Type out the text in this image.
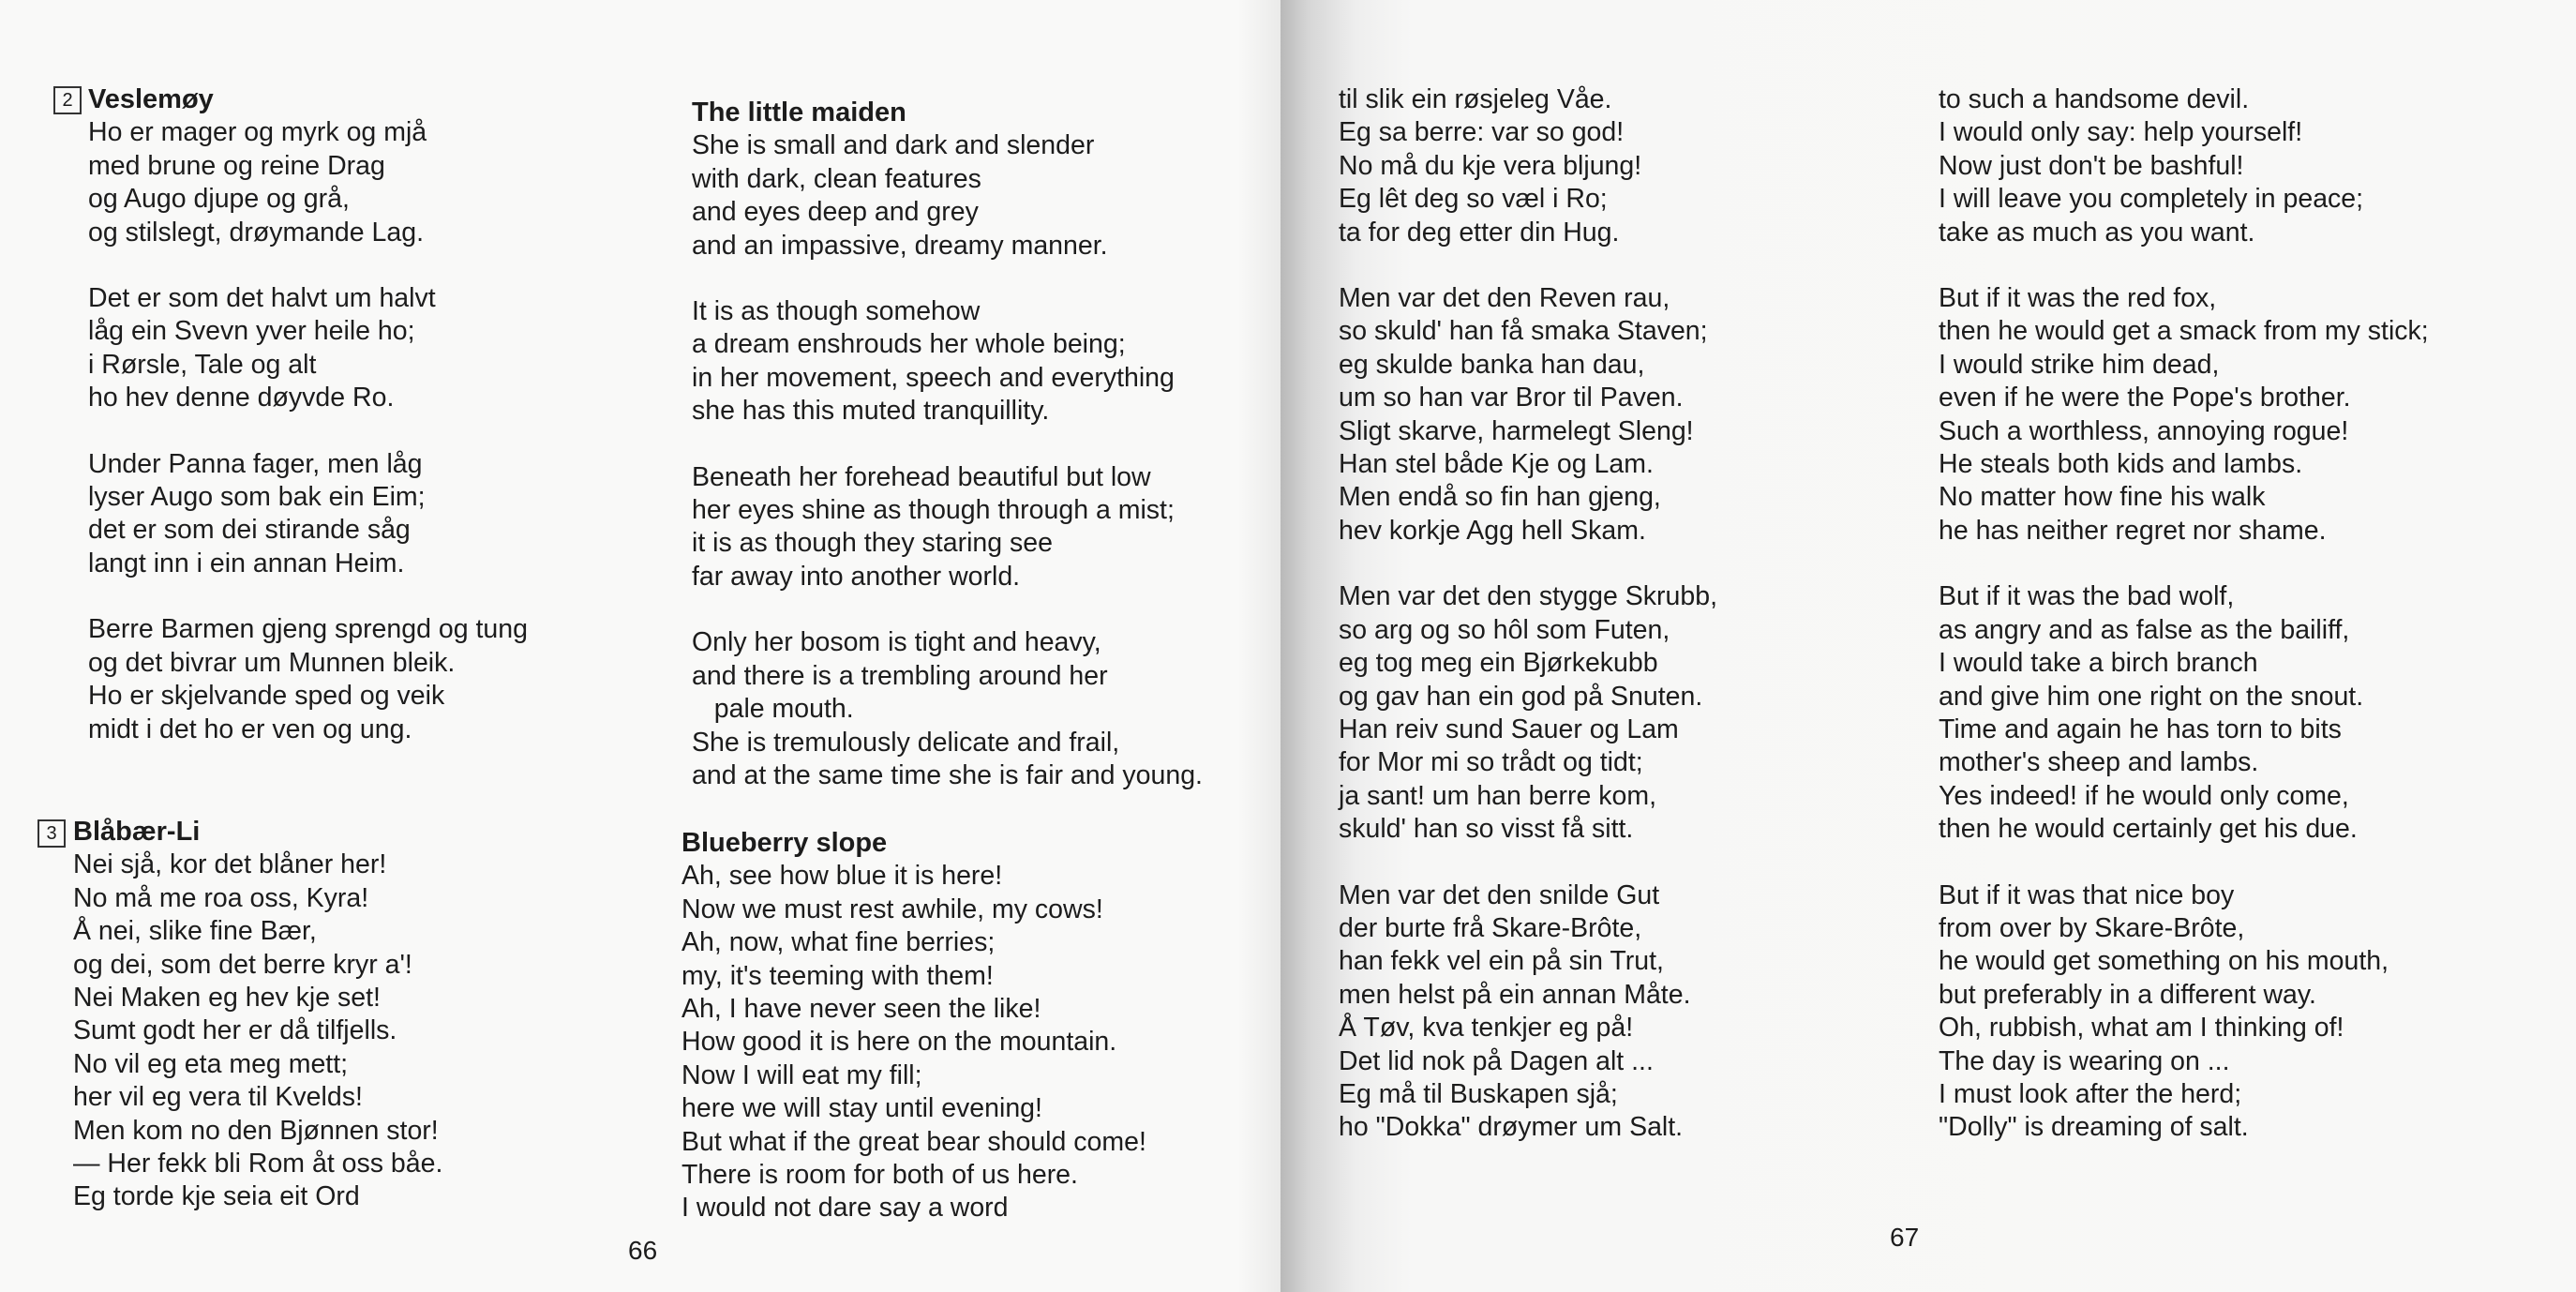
2 Veslemøy

Ho er mager og myrk og mjå

med brune og reine Drag

og Augo djupe og grå,

og stilslegt, drøymande Lag.

Det er som det halvt um halvt

låg ein Svevn yver heile ho;

i Rørsle, Tale og alt

ho hev denne døyvde Ro.

Under Panna fager, men låg

lyser Augo som bak ein Eim;

det er som dei stirande såg

langt inn i ein annan Heim.

Berre Barmen gjeng sprengd og tung

og det bivrar um Munnen bleik.

Ho er skjelvande sped og veik

midt i det ho er ven og ung.

The little maiden

She is small and dark and slender

with dark, clean features

and eyes deep and grey

and an impassive, dreamy manner.

It is as though somehow

a dream enshrouds her whole being;

in her movement, speech and everything

she has this muted tranquillity.

Beneath her forehead beautiful but low

her eyes shine as though through a mist;

it is as though they staring see

far away into another world.

Only her bosom is tight and heavy,

and there is a trembling around her

pale mouth.

She is tremulously delicate and frail,

and at the same time she is fair and young.

3 Blåbær-Li

Nei sjå, kor det blåner her!

No må me roa oss, Kyra!

Å nei, slike fine Bær,

og dei, som det berre kryr a'!

Nei Maken eg hev kje set!

Sumt godt her er då tilfjells.

No vil eg eta meg mett;

her vil eg vera til Kvelds!

Men kom no den Bjønnen stor!

— Her fekk bli Rom åt oss båe.

Eg torde kje seia eit Ord

Blueberry slope

Ah, see how blue it is here!

Now we must rest awhile, my cows!

Ah, now, what fine berries;

my, it's teeming with them!

Ah, I have never seen the like!

How good it is here on the mountain.

Now I will eat my fill;

here we will stay until evening!

But what if the great bear should come!

There is room for both of us here.

I would not dare say a word

66

til slik ein røsjeleg Våe.

Eg sa berre: var so god!

No må du kje vera bljung!

Eg lêt deg so væl i Ro;

ta for deg etter din Hug.

Men var det den Reven rau,

so skuld' han få smaka Staven;

eg skulde banka han dau,

um so han var Bror til Paven.

Sligt skarve, harmelegt Sleng!

Han stel både Kje og Lam.

Men endå so fin han gjeng,

hev korkje Agg hell Skam.

Men var det den stygge Skrubb,

so arg og so hôl som Futen,

eg tog meg ein Bjørkekubb

og gav han ein god på Snuten.

Han reiv sund Sauer og Lam

for Mor mi so trådt og tidt;

ja sant! um han berre kom,

skuld' han so visst få sitt.

Men var det den snilde Gut

der burte frå Skare-Brôte,

han fekk vel ein på sin Trut,

men helst på ein annan Måte.

Å Tøv, kva tenkjer eg på!

Det lid nok på Dagen alt ...

Eg må til Buskapen sjå;

ho "Dokka" drøymer um Salt.

to such a handsome devil.

I would only say: help yourself!

Now just don't be bashful!

I will leave you completely in peace;

take as much as you want.

But if it was the red fox,

then he would get a smack from my stick;

I would strike him dead,

even if he were the Pope's brother.

Such a worthless, annoying rogue!

He steals both kids and lambs.

No matter how fine his walk

he has neither regret nor shame.

But if it was the bad wolf,

as angry and as false as the bailiff,

I would take a birch branch

and give him one right on the snout.

Time and again he has torn to bits

mother's sheep and lambs.

Yes indeed! if he would only come,

then he would certainly get his due.

But if it was that nice boy

from over by Skare-Brôte,

he would get something on his mouth,

but preferably in a different way.

Oh, rubbish, what am I thinking of!

The day is wearing on ...

I must look after the herd;

"Dolly" is dreaming of salt.

67
